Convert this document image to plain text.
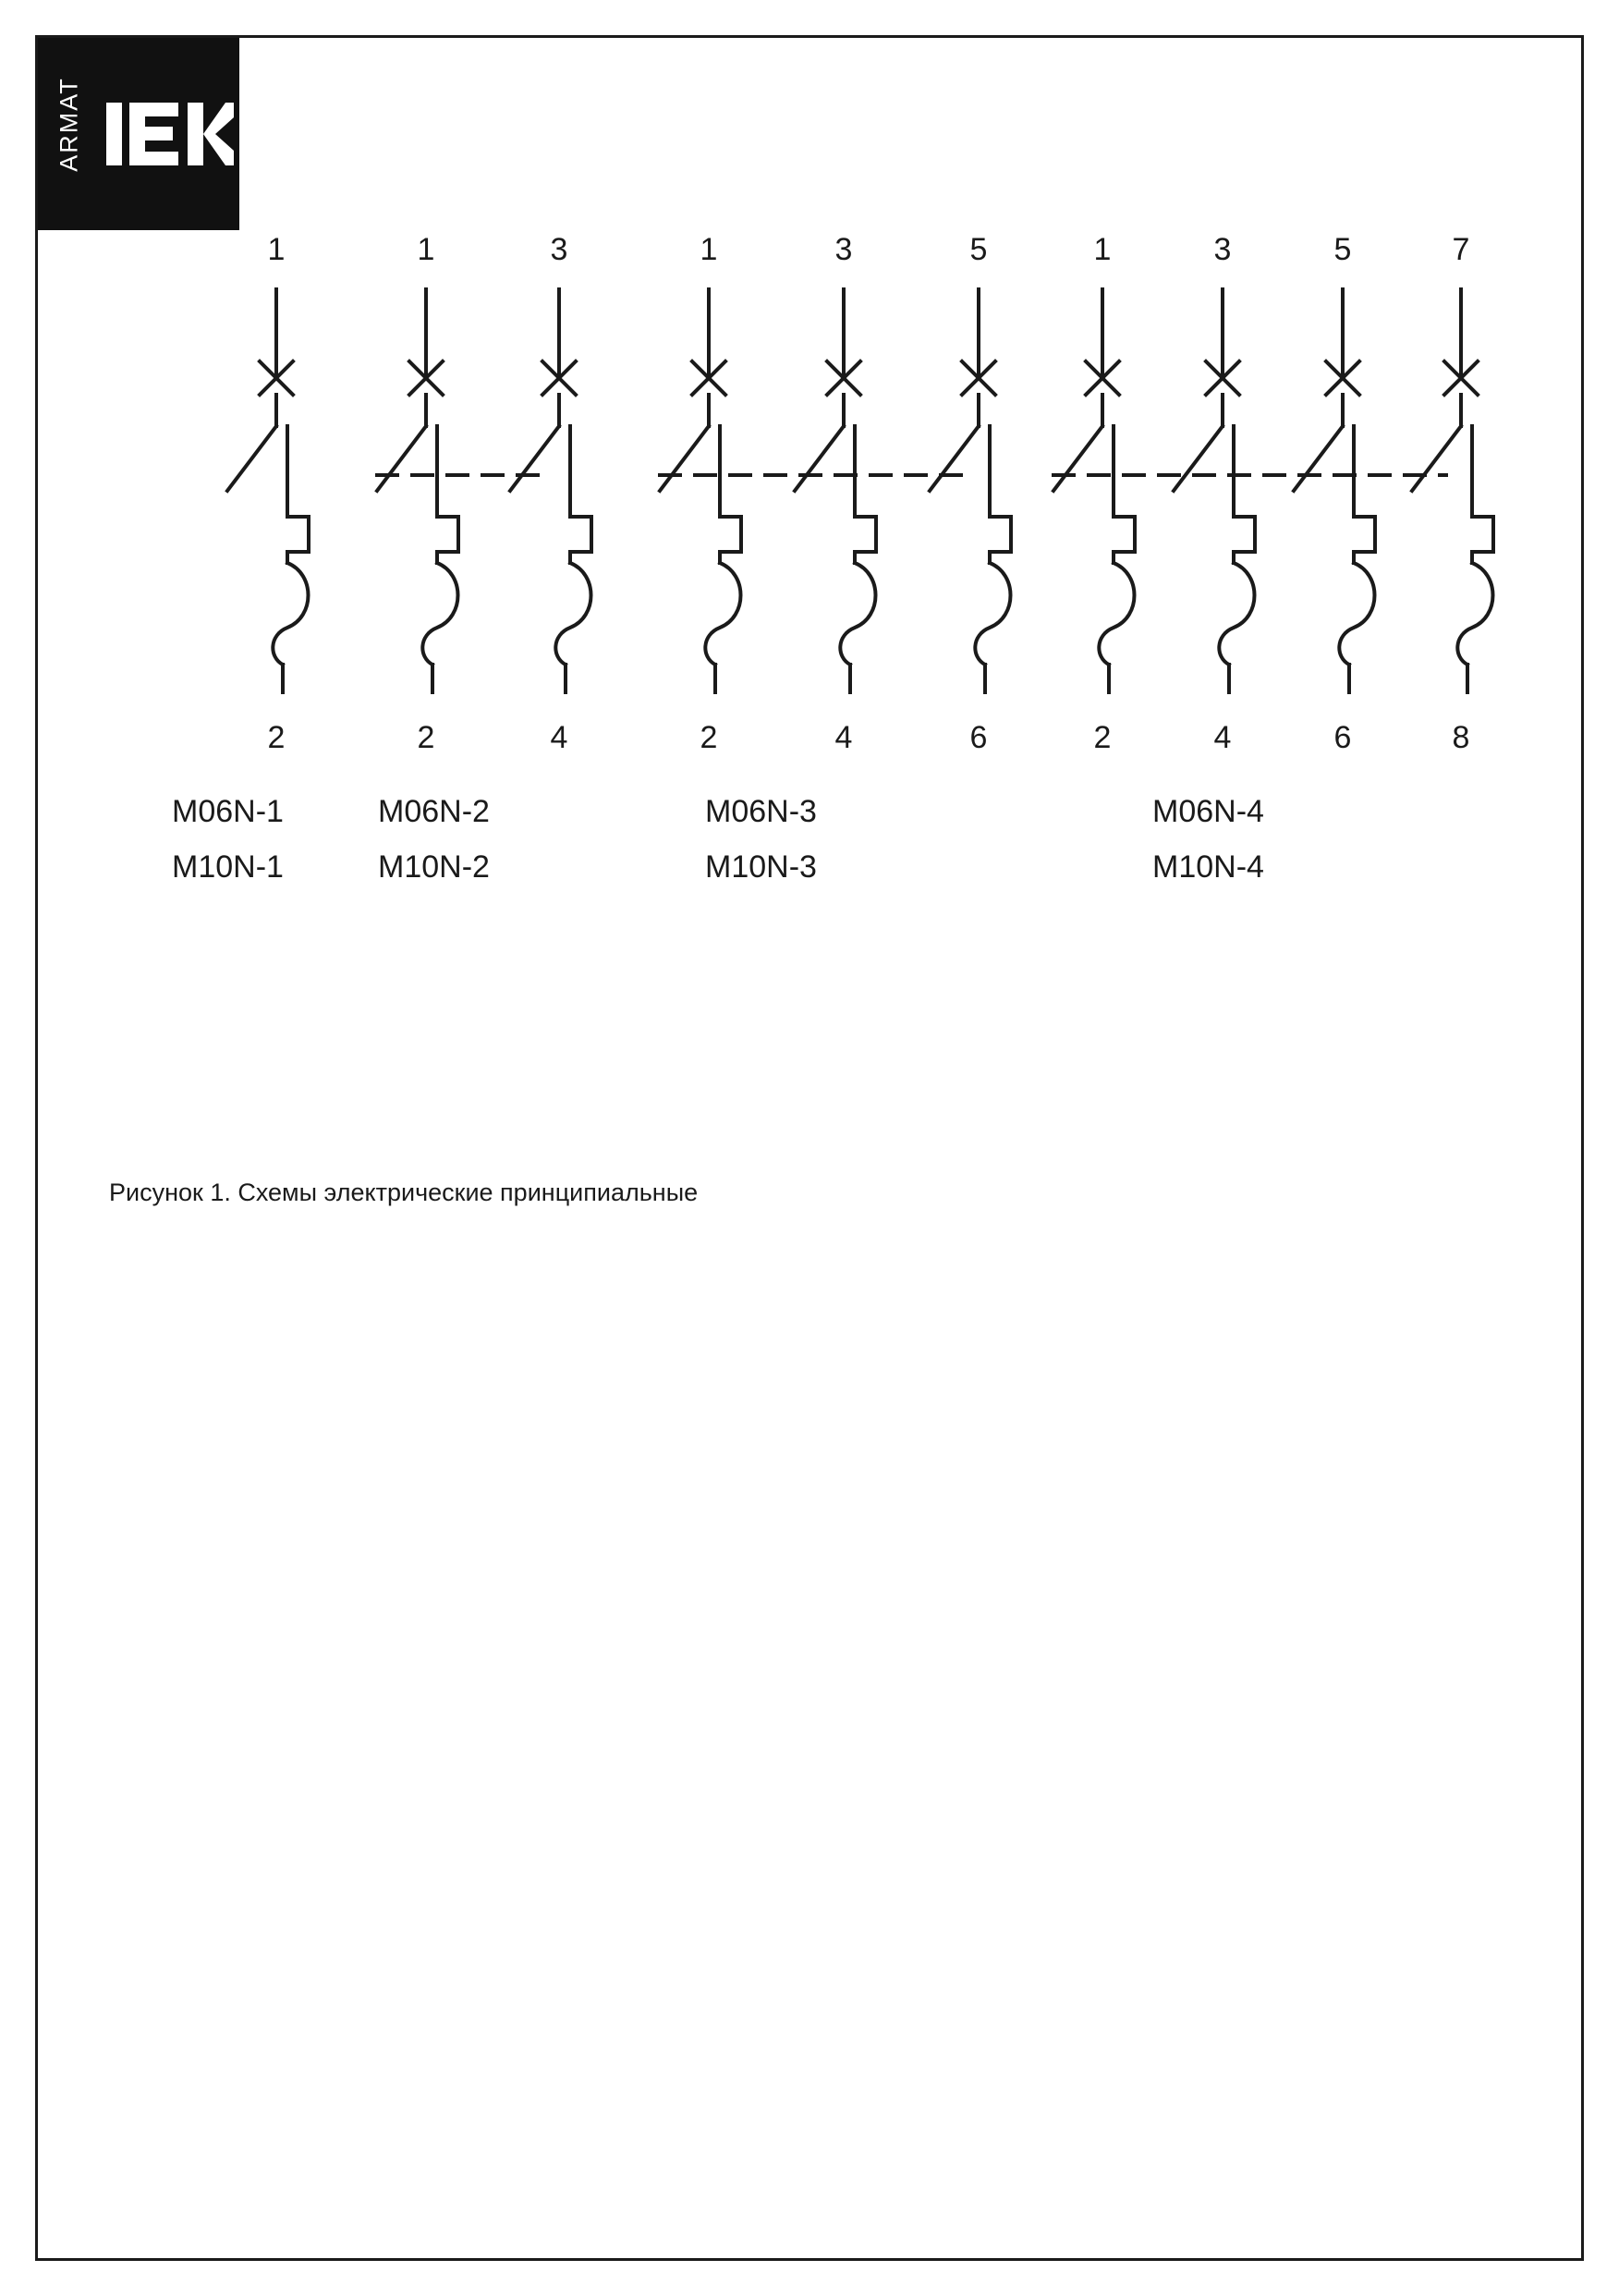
ARMAT
1	1	3	1	3	5	1	3	5	7
2	2	4	2	4	6	2	4	6	8
M06N-1
M10N-1
M06N-2
M10N-2
M06N-3
M10N-3
M06N-4
M10N-4
Рисунок 1. Схемы электрические принципиальные
